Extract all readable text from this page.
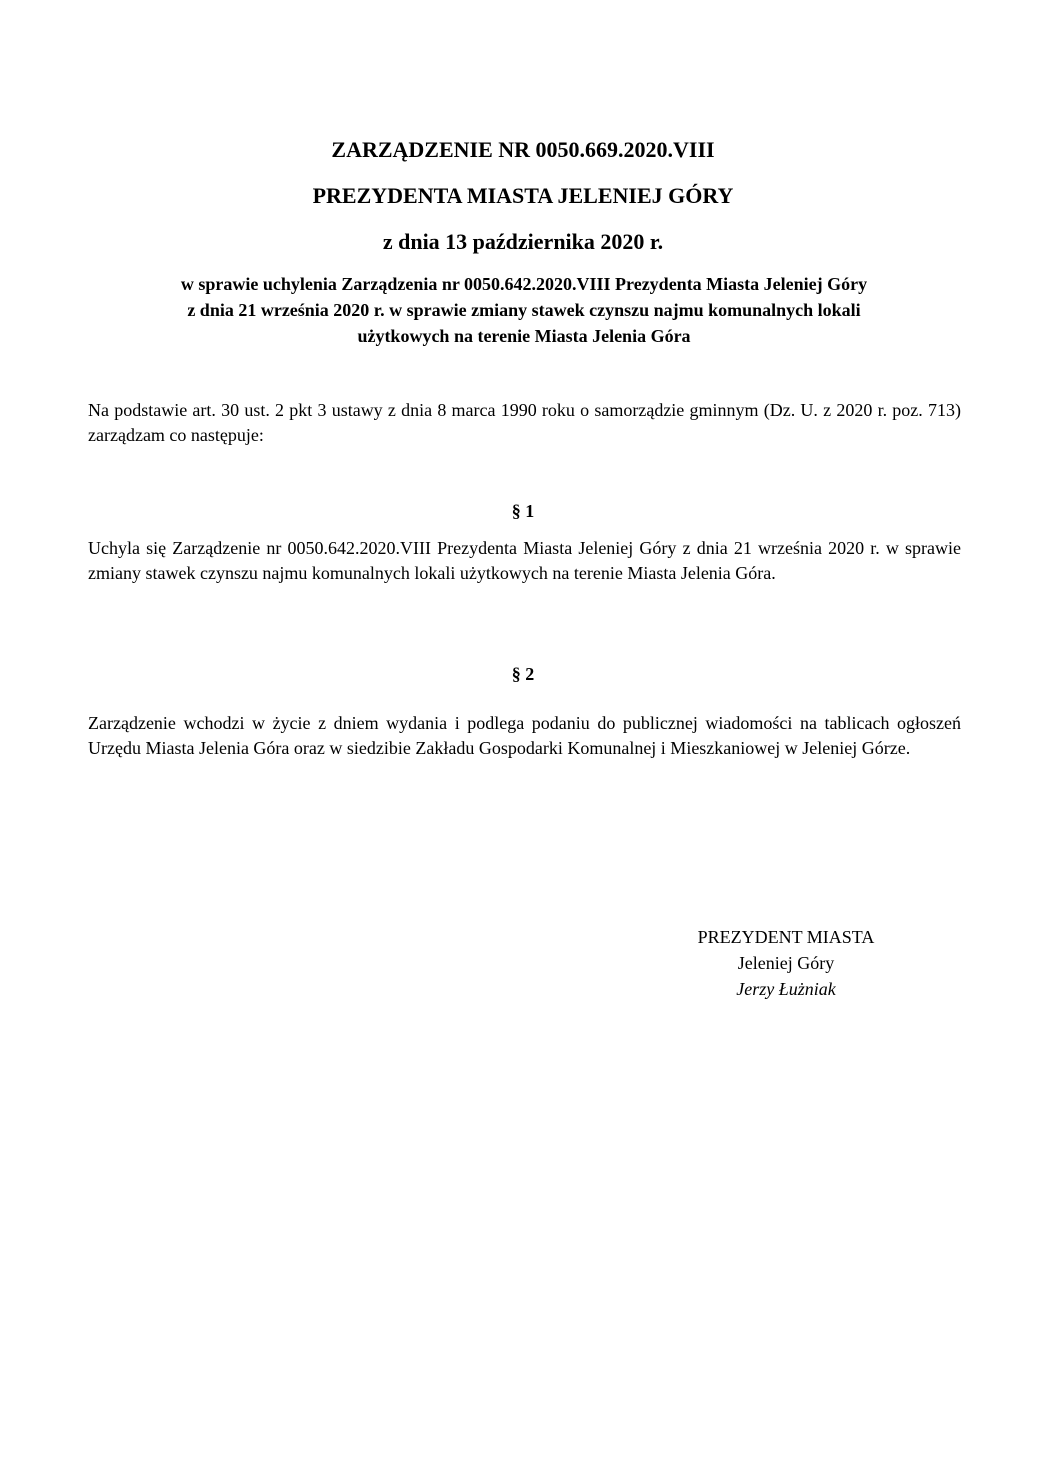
ZARZĄDZENIE NR 0050.669.2020.VIII
PREZYDENTA MIASTA JELENIEJ GÓRY
z dnia 13 października 2020 r.
w sprawie uchylenia Zarządzenia nr 0050.642.2020.VIII Prezydenta Miasta Jeleniej Góry
z dnia 21 września 2020 r. w sprawie zmiany stawek czynszu najmu komunalnych lokali
użytkowych na terenie Miasta Jelenia Góra

Na podstawie art. 30 ust. 2 pkt 3 ustawy z dnia 8 marca 1990 roku o samorządzie gminnym (Dz. U. z 2020 r. poz. 713) zarządzam co następuje:

§ 1

Uchyla się Zarządzenie nr 0050.642.2020.VIII Prezydenta Miasta Jeleniej Góry z dnia 21 września 2020 r. w sprawie zmiany stawek czynszu najmu komunalnych lokali użytkowych na terenie Miasta Jelenia Góra.

§ 2

Zarządzenie wchodzi w życie z dniem wydania i podlega podaniu do publicznej wiadomości na tablicach ogłoszeń Urzędu Miasta Jelenia Góra oraz w siedzibie Zakładu Gospodarki Komunalnej i Mieszkaniowej w Jeleniej Górze.

PREZYDENT MIASTA
Jeleniej Góry
Jerzy Łużniak
